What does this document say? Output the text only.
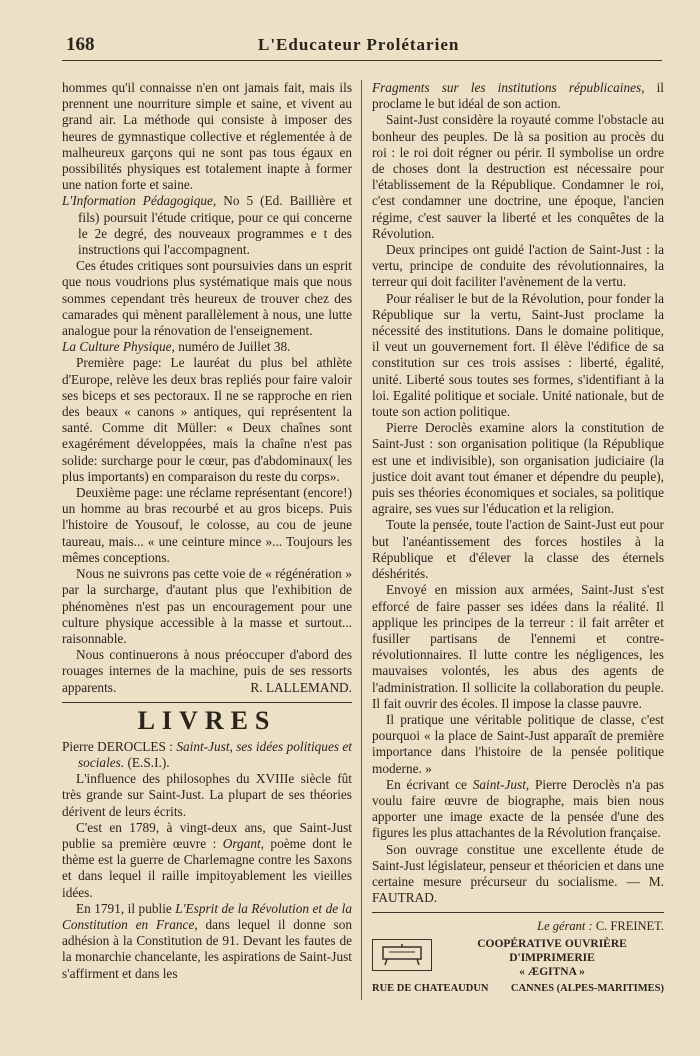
168	L'Educateur Prolétarien

hommes qu'il connaisse n'en ont jamais fait, mais ils prennent une nourriture simple et saine, et vivent au grand air. La méthode qui consiste à imposer des heures de gymnastique collective et réglementée à de malheureux garçons qui ne sont pas tous égaux en possibilités physiques est totalement inapte à former une nation forte et saine.

L'Information Pédagogique, No 5 (Ed. Baillière et fils) poursuit l'étude critique, pour ce qui concerne le 2e degré, des nouveaux programmes e t des instructions qui l'accompagnent.

Ces études critiques sont poursuivies dans un esprit que nous voudrions plus systématique mais que nous sommes cependant très heureux de trouver chez des camarades qui mènent parallèlement à nous, une lutte analogue pour la rénovation de l'enseignement.

La Culture Physique, numéro de Juillet 38.

Première page: Le lauréat du plus bel athlète d'Europe, relève les deux bras repliés pour faire valoir ses biceps et ses pectoraux. Il ne se rapproche en rien des beaux « canons » antiques, qui représentent la santé. Comme dit Müller: « Deux chaînes sont exagérément développées, mais la chaîne n'est pas solide: surcharge pour le cœur, pas d'abdominaux( les plus importants) en comparaison du reste du corps».

Deuxième page: une réclame représentant (encore!) un homme au bras recourbé et au gros biceps. Puis l'histoire de Yousouf, le colosse, au cou de jeune taureau, mais... « une ceinture mince »... Toujours les mêmes conceptions.

Nous ne suivrons pas cette voie de « régénération » par la surcharge, d'autant plus que l'exhibition de phénomènes n'est pas un encouragement pour une culture physique accessible à la masse et surtout... raisonnable.

Nous continuerons à nous préoccuper d'abord des rouages internes de la machine, puis de ses ressorts apparents.	R. LALLEMAND.

LIVRES

Pierre DEROCLES : Saint-Just, ses idées politiques et sociales. (E.S.I.).

L'influence des philosophes du XVIIIe siècle fût très grande sur Saint-Just. La plupart de ses théories dérivent de leurs écrits.

C'est en 1789, à vingt-deux ans, que Saint-Just publie sa première œuvre : Organt, poème dont le thème est la guerre de Charlemagne contre les Saxons et dans lequel il raille impitoyablement les vieilles idées.

En 1791, il publie L'Esprit de la Révolution et de la Constitution en France, dans lequel il donne son adhésion à la Constitution de 91. Devant les fautes de la monarchie chancelante, les aspirations de Saint-Just s'affirment et dans les

Fragments sur les institutions républicaines, il proclame le but idéal de son action.

Saint-Just considère la royauté comme l'obstacle au bonheur des peuples. De là sa position au procès du roi : le roi doit régner ou périr. Il symbolise un ordre de choses dont la destruction est nécessaire pour l'établissement de la République. Condamner le roi, c'est condamner une doctrine, une époque, l'ancien régime, c'est sauver la liberté et les conquêtes de la Révolution.

Deux principes ont guidé l'action de Saint-Just : la vertu, principe de conduite des révolutionnaires, la terreur qui doit faciliter l'avènement de la vertu.

Pour réaliser le but de la Révolution, pour fonder la République sur la vertu, Saint-Just proclame la nécessité des institutions. Dans le domaine politique, il veut un gouvernement fort. Il élève l'édifice de sa constitution sur ces trois assises : liberté, égalité, unité. Liberté sous toutes ses formes, s'identifiant à la loi. Egalité politique et sociale. Unité nationale, but de toute son action politique.

Pierre Deroclès examine alors la constitution de Saint-Just : son organisation politique (la République est une et indivisible), son organisation judiciaire (la justice doit avant tout émaner et dépendre du peuple), puis ses théories économiques et sociales, sa politique agraire, ses vues sur l'éducation et la religion.

Toute la pensée, toute l'action de Saint-Just eut pour but l'anéantissement des forces hostiles à la République et d'élever la classe des éternels déshérités.

Envoyé en mission aux armées, Saint-Just s'est efforcé de faire passer ses idées dans la réalité. Il applique les principes de la terreur : il fait arrêter et fusiller partisans de l'ennemi et contre-révolutionnaires. Il lutte contre les négligences, les mauvaises volontés, les abus des agents de l'administration. Il sollicite la collaboration du peuple. Il fait ouvrir des écoles. Il impose la classe pauvre.

Il pratique une véritable politique de classe, c'est pourquoi « la place de Saint-Just apparaît de première importance dans l'histoire de la pensée politique moderne. »

En écrivant ce Saint-Just, Pierre Deroclès n'a pas voulu faire œuvre de biographe, mais bien nous apporter une image exacte de la pensée d'une des figures les plus attachantes de la Révolution française.

Son ouvrage constitue une excellente étude de Saint-Just législateur, penseur et théoricien et dans une certaine mesure précurseur du socialisme. — M. FAUTRAD.

Le gérant : C. FREINET.
COOPÉRATIVE OUVRIÈRE D'IMPRIMERIE
« ÆGITNA »
RUE DE CHATEAUDUN CANNES (ALPES-MARITIMES)
